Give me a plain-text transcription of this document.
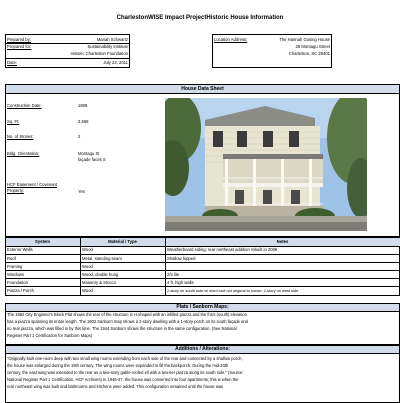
CharlestonWISE Impact ProjectHistoric House Information
Prepared by:	Mariah Schwartz
Prepared for:	Sustainability Institute
Historic Charleston Foundation
Date:	July 22, 2011
Location Address:	The Hannah Gosing House
28 Montagu Street
Charleston, SC 29401
House Data Sheet
Construction Date:	1809
Sq. Ft:	3,568
No. of Stories:	2
Bldg. Orientation:	Montagu St
façade faces S
HCF Easement / Covenant Property:	Yes
System	Material / Type	Notes
Exterior Walls	Wood	Weatherboard siding; rear northeast addition rebuilt in 2006
Roof	Metal, standing seam	Shallow hipped
Framing	Wood
Windows	Wood, double hung	2/2 lite
Foundation	Masonry & Stucco	4 ft. high walls
Piazza / Porch	Wood	2-story on south side w/ shed roof not original to house; 2-story on west side
Plats / Sanborn Maps:
The 1882 City Engineer's Block Plat shows the rear of the structure is H-shaped with an infilled piazza and the front (south) elevation
has a piazza spanning its entire length. The 1902 Sanborn map shows a 2-story dwelling with a 1-story porch on its south façade and
no rear piazza, which was filled in by this time. The 1944 Sanborn shows the structure in the same configuration. (See National
Register Part 1 Certification for Sanborn Maps)
Additions / Alterations:
"Originally built one-room deep with two small wing rooms extending from each side of the rear and connected by a shallow porch,
the house was enlarged during the 19th century. The wing rooms were expanded to fill the backporch. During the mid-20th
century, the east wing was extended to the rear as a two-story gable-roofed ell with a two-tier piazza along its south side." (Source:
National Register Part 1 Certification, HCF Archives) In 1946-47, the house was converted into four apartments; this is when the
rear northeast wing was built and bathrooms and kitchens were added. This configuration remained until the house was
